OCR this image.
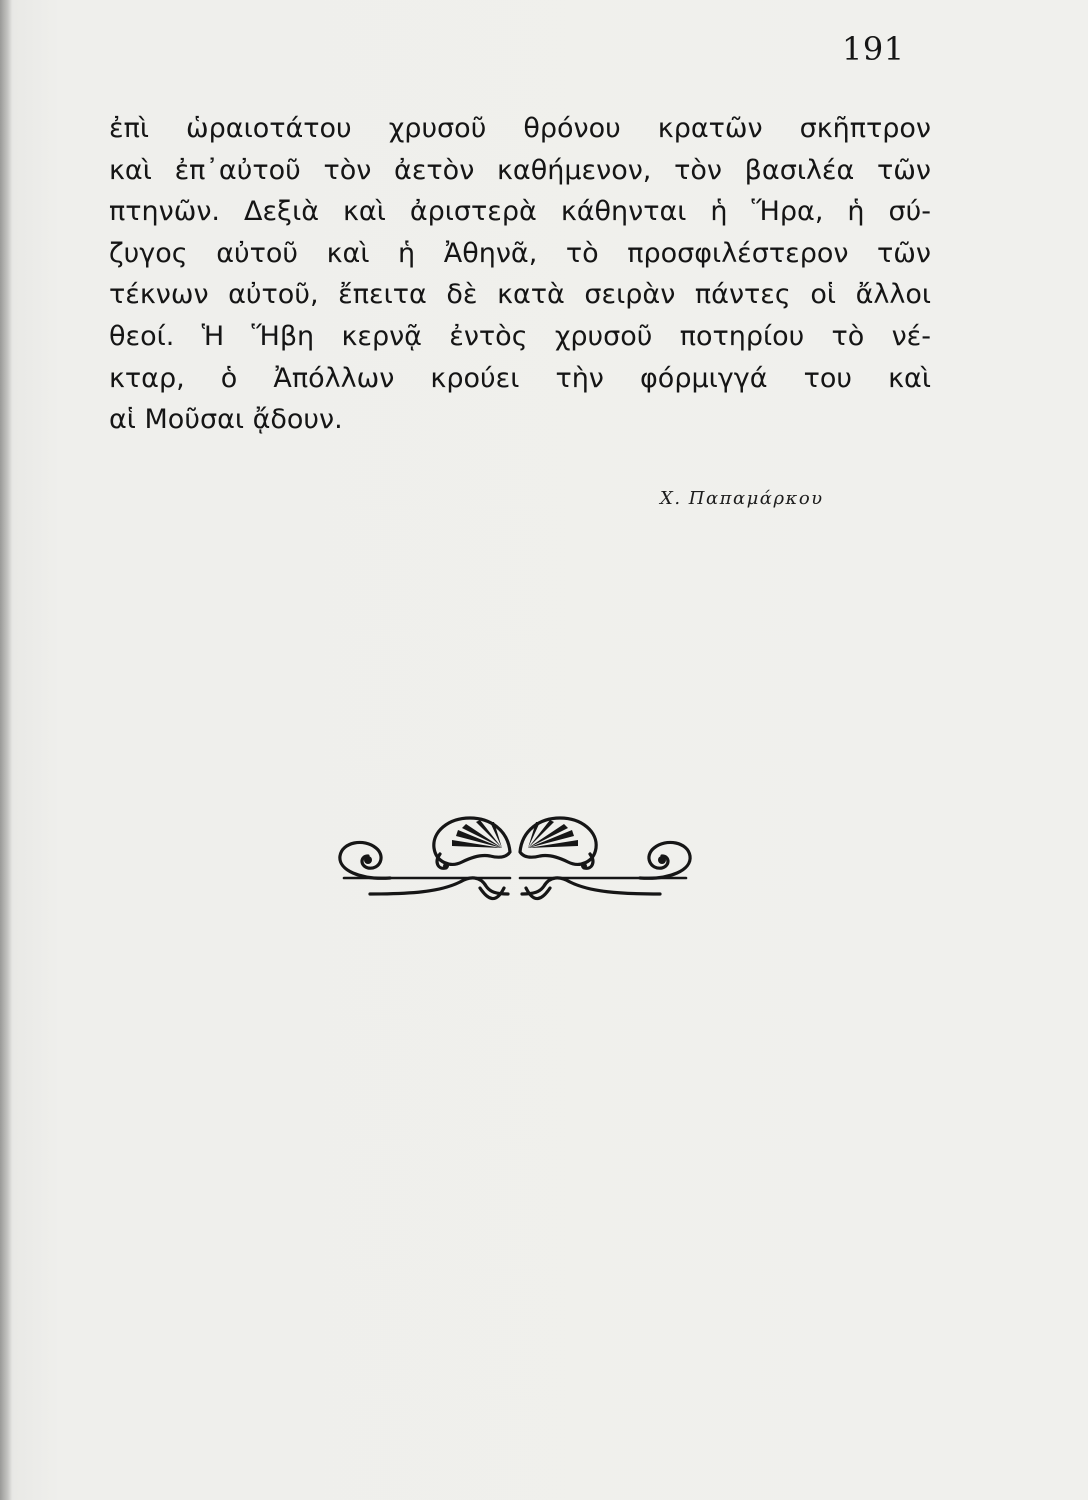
191
ἐπὶ ὡραιοτάτου χρυσοῦ θρόνου κρατῶν σκῆπτρον
καὶ ἐπ᾽αὐτοῦ τὸν ἀετὸν καθήμενον, τὸν βασιλέα τῶν
πτηνῶν. Δεξιὰ καὶ ἀριστερὰ κάθηνται ἡ Ἥρα, ἡ σύ-
ζυγος αὐτοῦ καὶ ἡ Ἀθηνᾶ, τὸ προσφιλέστερον τῶν
τέκνων αὐτοῦ, ἔπειτα δὲ κατὰ σειρὰν πάντες οἱ ἄλλοι
θεοί. Ἡ Ἥβη κερνᾷ ἐντὸς χρυσοῦ ποτηρίου τὸ νέ-
κταρ, ὁ Ἀπόλλων κρούει τὴν φόρμιγγά του καὶ
αἱ Μοῦσαι ᾄδουν.
Χ. Παπαμάρκου
